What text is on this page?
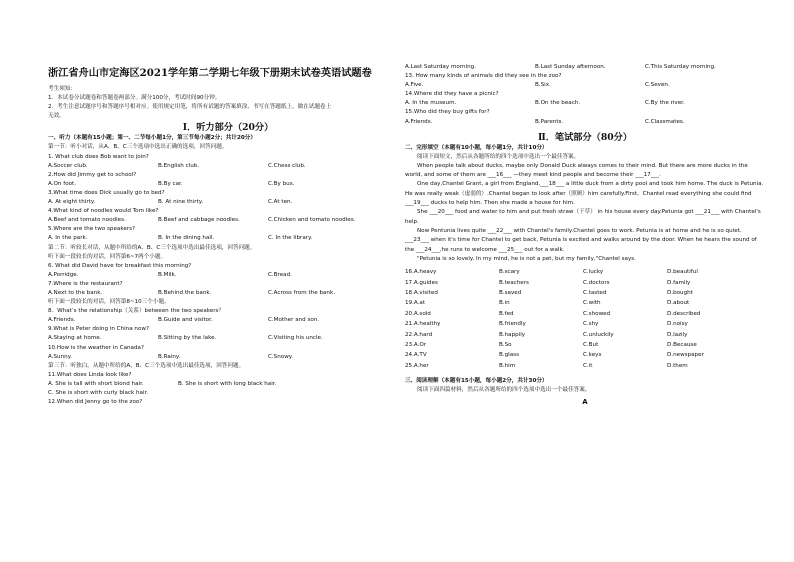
浙江省舟山市定海区2021学年第二学期七年级下册期末试卷英语试题卷
考生须知：
1．本试卷分试题卷和答题卷两部分。满分100分，考试时间90分钟。
2．考生注意试题序号和答题序号相对应。使用规定用笔，将所有试题的答案填涂、书写在答题纸上，做在试题卷上
无效。
Ⅰ．听力部分（20分）
一、听力（本题有15小题；第一、二节每小题1分，第三节每小题2分；共计20分）
第一节：听小对话，从A、B、C三个选项中选出正确的选项，回答问题。
1. What club does Bob want to join?
A.Soccer club.	B.English club.	C.Chess club.
2.How did Jimmy get to school?
A.On foot.	B.By car.	C.By bus.
3.What time does Dick usually go to bed?
A. At eight thirty.	B. At nine thirty.	C.At ten.
4.What kind of noodles would Tom like?
A.Beef and tomato noodles.	B.Beef and cabbage noodles.	C.Chicken and tomato noodles.
5.Where are the two speakers?
A. In the park.	B. In the dining hall.	C. In the library.
第二节：听较长对话，从题中所给的A、B、C三个选项中选出最佳选项，回答问题。
听下面一段较长的对话，回答第6~7两个小题。
6. What did David have for breakfast this morning?
A.Porridge.	B.Milk.	C.Bread.
7.Where is the restaurant?
A.Next to the bank.	B.Behind the bank.	C.Across from the bank.
听下面一段较长的对话，回答第8~10三个小题。
8．What’s the relationship（关系）between the two speakers？
A.Friends.	B.Guide and visitor.	C.Mother and son.
9.What is Peter doing in China now?
A.Staying at home.	B.Sitting by the lake.	C.Visiting his uncle.
10.How is the weather in Canada?
A.Sunny.	B.Rainy.	C.Snowy.
第三节：听独白，从题中所给的A、B、C三个选项中选出最佳选项，回答问题。
11.What does Linda look like?
A. She is tall with short blond hair.	B. She is short with long black hair.
C. She is short with curly black hair.
12.When did Jenny go to the zoo?
A.Last Saturday morning.	B.Last Sunday afternoon.	C.This Saturday morning.
13. How many kinds of animals did they see in the zoo?
A.Five.	B.Six.	C.Seven.
14.Where did they have a picnic?
A. In the museum.	B.On the beach.	C.By the river.
15.Who did they buy gifts for?
A.Friends.	B.Parents.	C.Classmates.
Ⅱ．笔试部分（80分）
二、完形填空（本题有10小题，每小题1分，共计10分）
阅读下面短文，然后从各题所给的四个选项中选出一个最佳答案。

When people talk about ducks, maybe only Donald Duck always comes to their mind. But there are more ducks in the world, and some of them are ___16___ —they meet kind people and become their ___17___.

One day,Chantel Grant, a girl from England,___18___ a little duck from a dirty pool and took him home. The duck is Petunia. He was really weak（虚弱的）.Chantel began to look after（照顾）him carefully.First，Chantel read everything she could find ___19___ ducks to help him. Then she made a house for him.

She ___20___ food and water to him and put fresh straw（干草） in his house every day.Petunia got ___21___ with Chantel's help.

Now Pentunia lives quite ___22___ with Chantel's family.Chantel goes to work. Petunia is at home and he is so quiet. ___23___ when it's time for Chantel to get back, Petunia is excited and walks around by the door. When he hears the sound of the ___24___,he runs to welcome ___25___ out for a walk.

"Petunia is so lovely. In my mind, he is not a pet, but my family,"Chantel says.

16.A.heavy	B.scary	C.lucky	D.beautiful
17.A.guides	B.teachers	C.doctors	D.family
18.A.visited	B.saved	C.tasted	D.bought
19.A.at	B.in	C.with	D.about
20.A.sold	B.fed	C.showed	D.described
21.A.healthy	B.friendly	C.shy	D.noisy
22.A.hard	B.happily	C.unluckily	D.lazily
23.A.Or	B.So	C.But	D.Because
24.A.TV	B.glass	C.keys	D.newspaper
25.A.her	B.him	C.it	D.them
三、阅读理解（本题有15小题，每小题2分，共计30分）
阅读下面四篇材料，然后从各题所给的四个选项中选出一个最佳答案。
A
